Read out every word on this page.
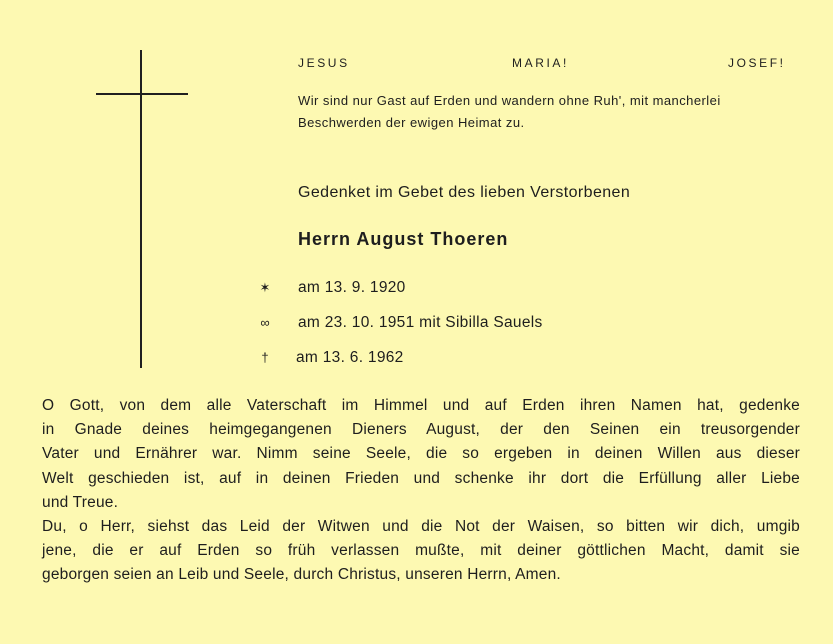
JESUS	MARIA!	JOSEF!
Wir sind nur Gast auf Erden und wandern ohne Ruh', mit mancherlei
Beschwerden der ewigen Heimat zu.
Gedenket im Gebet des lieben Verstorbenen
Herrn August Thoeren
✶ am 13. 9. 1920
∞ am 23. 10. 1951 mit Sibilla Sauels
†	am 13. 6. 1962
O Gott, von dem alle Vaterschaft im Himmel und auf Erden ihren Namen hat, gedenke
in Gnade deines heimgegangenen Dieners August, der den Seinen ein treusorgender
Vater und Ernährer war. Nimm seine Seele, die so ergeben in deinen Willen aus dieser
Welt geschieden ist, auf in deinen Frieden und schenke ihr dort die Erfüllung aller Liebe
und Treue.
Du, o Herr, siehst das Leid der Witwen und die Not der Waisen, so bitten wir dich, umgib
jene, die er auf Erden so früh verlassen mußte, mit deiner göttlichen Macht, damit sie
geborgen seien an Leib und Seele, durch Christus, unseren Herrn, Amen.
